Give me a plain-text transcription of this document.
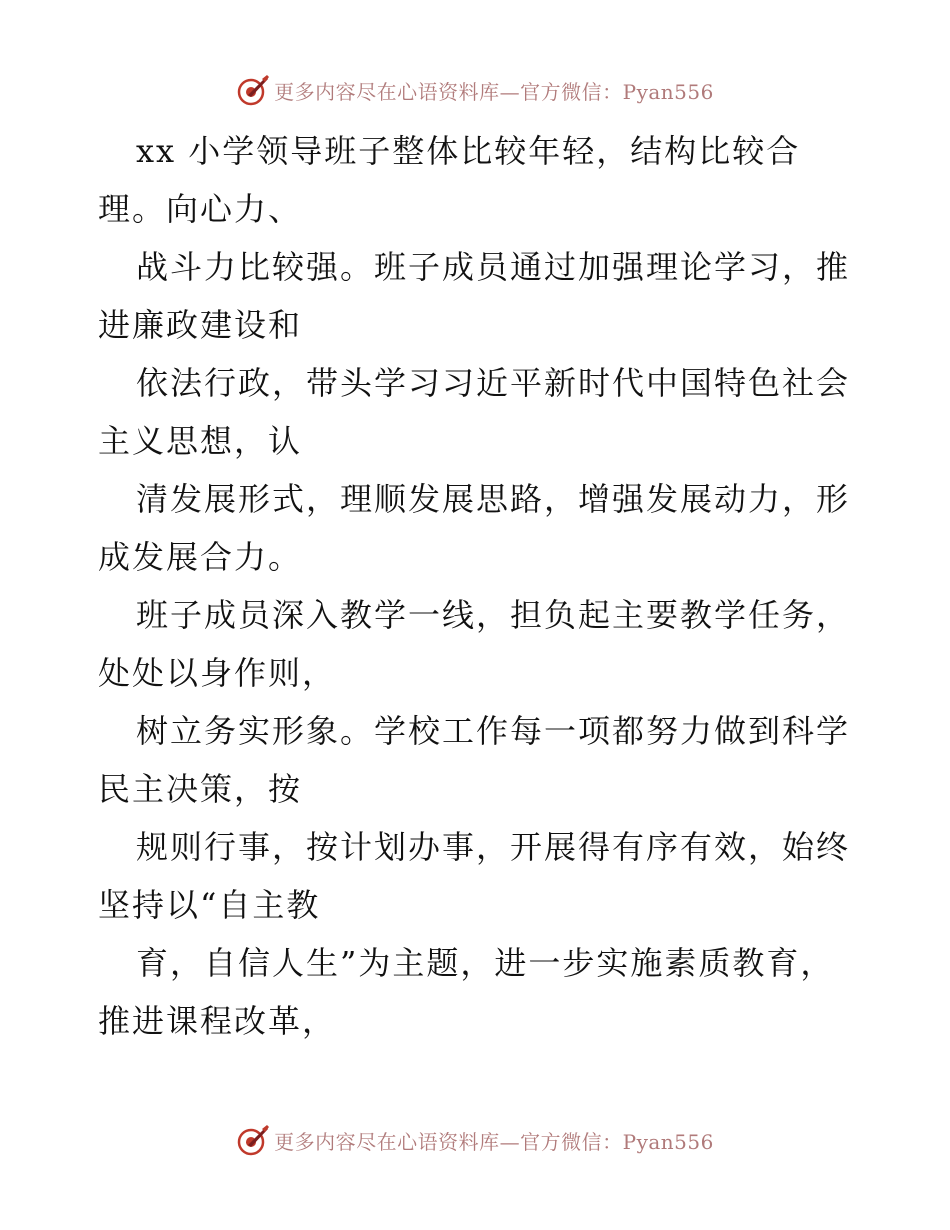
更多内容尽在心语资料库—官方微信：Pyan556

xx 小学领导班子整体比较年轻，结构比较合理。向心力、

战斗力比较强。班子成员通过加强理论学习，推进廉政建设和

依法行政，带头学习习近平新时代中国特色社会主义思想，认

清发展形式，理顺发展思路，增强发展动力，形成发展合力。

班子成员深入教学一线，担负起主要教学任务，处处以身作则，

树立务实形象。学校工作每一项都努力做到科学民主决策，按

规则行事，按计划办事，开展得有序有效，始终坚持以“自主教

育，自信人生”为主题，进一步实施素质教育，推进课程改革，

更多内容尽在心语资料库—官方微信：Pyan556
